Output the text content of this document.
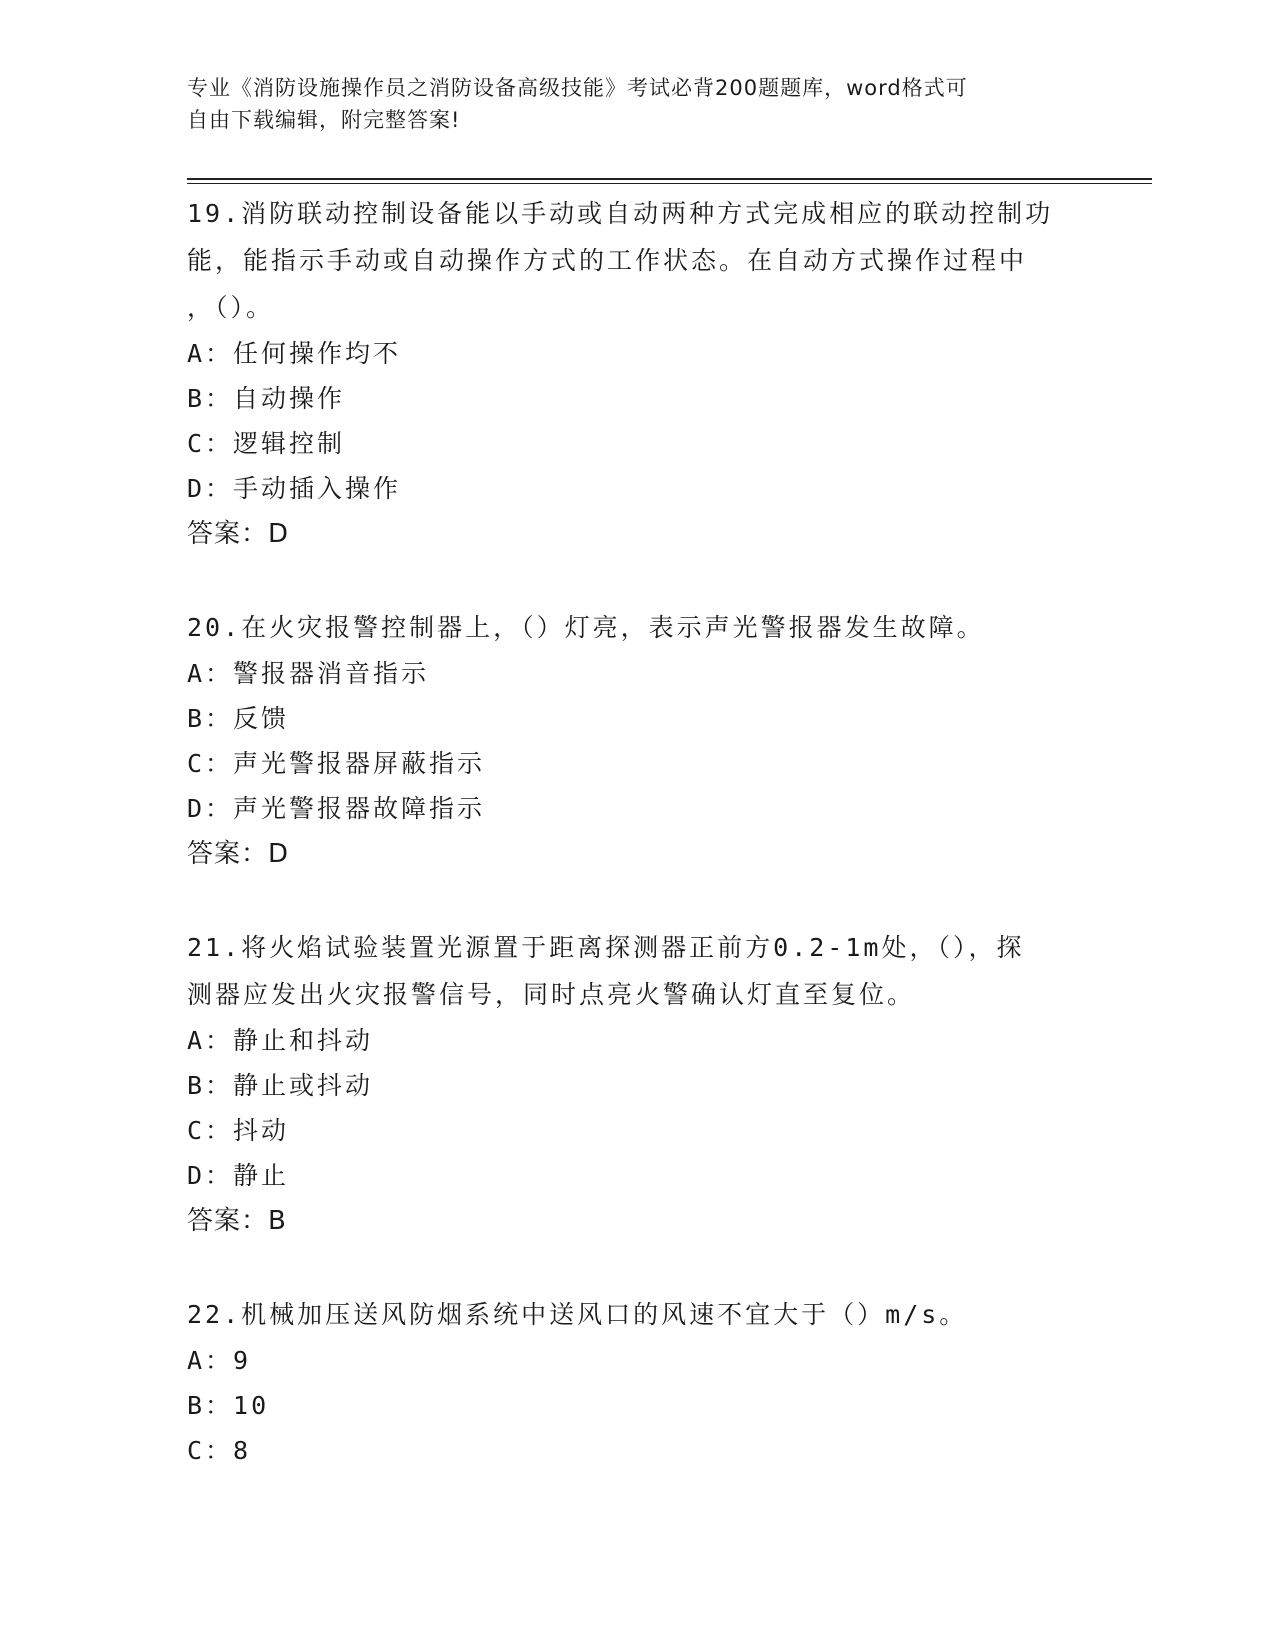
专业《消防设施操作员之消防设备高级技能》考试必背200题题库，word格式可
自由下载编辑，附完整答案!
19.消防联动控制设备能以手动或自动两种方式完成相应的联动控制功
能，能指示手动或自动操作方式的工作状态。在自动方式操作过程中
，（）。
A：任何操作均不
B：自动操作
C：逻辑控制
D：手动插入操作
答案：D
20.在火灾报警控制器上，（）灯亮，表示声光警报器发生故障。
A：警报器消音指示
B：反馈
C：声光警报器屏蔽指示
D：声光警报器故障指示
答案：D
21.将火焰试验装置光源置于距离探测器正前方0.2-1m处，（），探
测器应发出火灾报警信号，同时点亮火警确认灯直至复位。
A：静止和抖动
B：静止或抖动
C：抖动
D：静止
答案：B
22.机械加压送风防烟系统中送风口的风速不宜大于（）m/s。
A：9
B：10
C：8
